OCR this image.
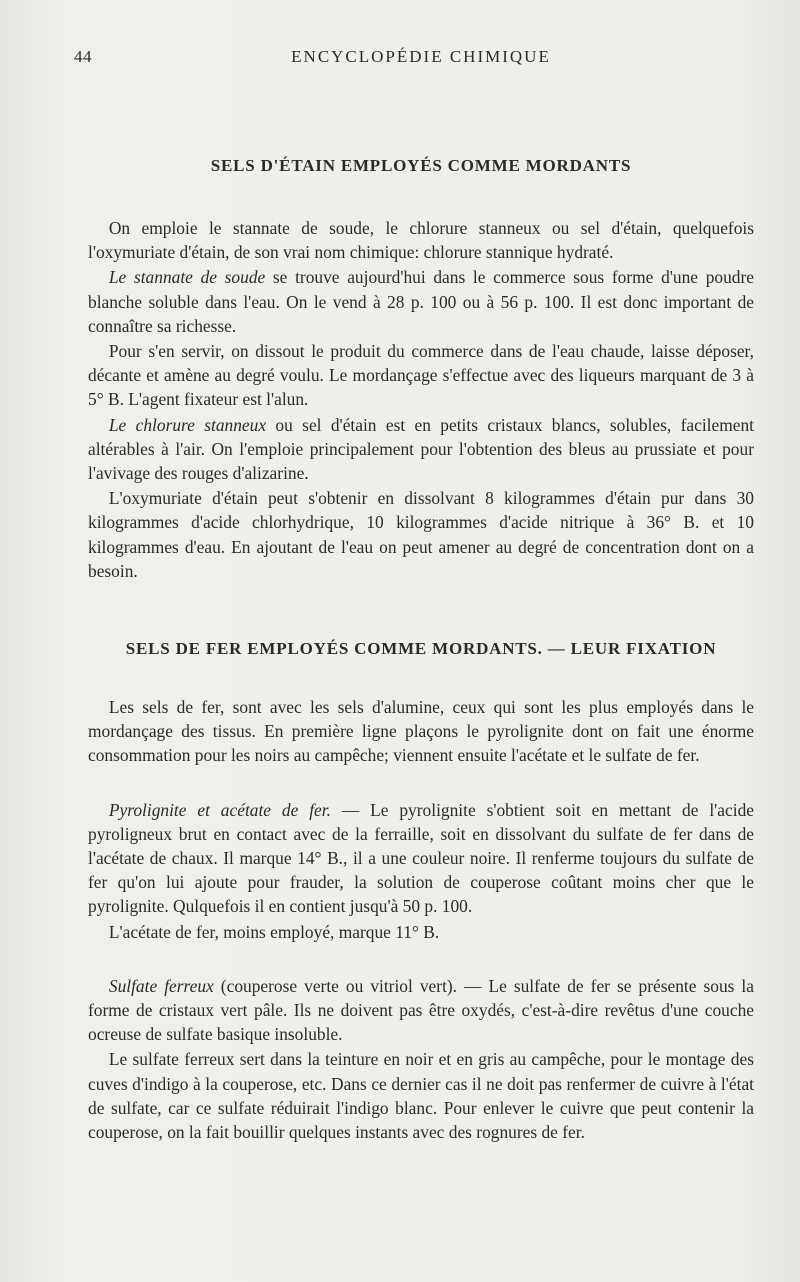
44	ENCYCLOPÉDIE CHIMIQUE
SELS D'ÉTAIN EMPLOYÉS COMME MORDANTS

On emploie le stannate de soude, le chlorure stanneux ou sel d'étain, quelquefois l'oxymuriate d'étain, de son vrai nom chimique: chlorure stannique hydraté.

Le stannate de soude se trouve aujourd'hui dans le commerce sous forme d'une poudre blanche soluble dans l'eau. On le vend à 28 p. 100 ou à 56 p. 100. Il est donc important de connaître sa richesse.

Pour s'en servir, on dissout le produit du commerce dans de l'eau chaude, laisse déposer, décante et amène au degré voulu. Le mordançage s'effectue avec des liqueurs marquant de 3 à 5° B. L'agent fixateur est l'alun.

Le chlorure stanneux ou sel d'étain est en petits cristaux blancs, solubles, facilement altérables à l'air. On l'emploie principalement pour l'obtention des bleus au prussiate et pour l'avivage des rouges d'alizarine.

L'oxymuriate d'étain peut s'obtenir en dissolvant 8 kilogrammes d'étain pur dans 30 kilogrammes d'acide chlorhydrique, 10 kilogrammes d'acide nitrique à 36° B. et 10 kilogrammes d'eau. En ajoutant de l'eau on peut amener au degré de concentration dont on a besoin.

SELS DE FER EMPLOYÉS COMME MORDANTS. — LEUR FIXATION

Les sels de fer, sont avec les sels d'alumine, ceux qui sont les plus employés dans le mordançage des tissus. En première ligne plaçons le pyrolignite dont on fait une énorme consommation pour les noirs au campêche; viennent ensuite l'acétate et le sulfate de fer.

Pyrolignite et acétate de fer. — Le pyrolignite s'obtient soit en mettant de l'acide pyroligneux brut en contact avec de la ferraille, soit en dissolvant du sulfate de fer dans de l'acétate de chaux. Il marque 14° B., il a une couleur noire. Il renferme toujours du sulfate de fer qu'on lui ajoute pour frauder, la solution de couperose coûtant moins cher que le pyrolignite. Qulquefois il en contient jusqu'à 50 p. 100.

L'acétate de fer, moins employé, marque 11° B.

Sulfate ferreux (couperose verte ou vitriol vert). — Le sulfate de fer se présente sous la forme de cristaux vert pâle. Ils ne doivent pas être oxydés, c'est-à-dire revêtus d'une couche ocreuse de sulfate basique insoluble.

Le sulfate ferreux sert dans la teinture en noir et en gris au campêche, pour le montage des cuves d'indigo à la couperose, etc. Dans ce dernier cas il ne doit pas renfermer de cuivre à l'état de sulfate, car ce sulfate réduirait l'indigo blanc. Pour enlever le cuivre que peut contenir la couperose, on la fait bouillir quelques instants avec des rognures de fer.
